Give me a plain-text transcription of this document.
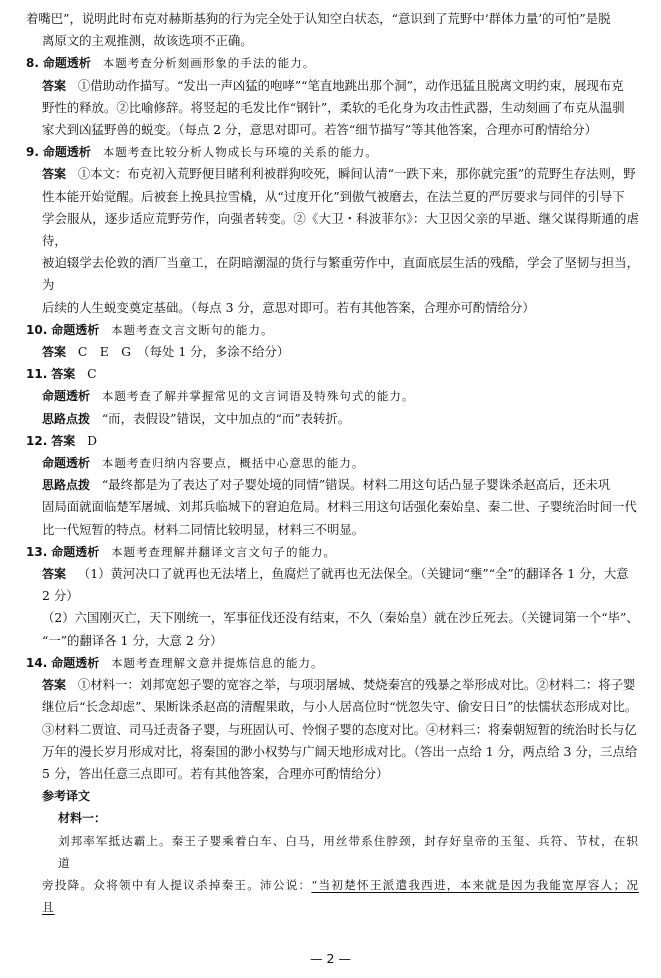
着嘴巴”，说明此时布克对赫斯基狗的行为完全处于认知空白状态，“意识到了荒野中‘群体力量’的可怕”是脱

离原文的主观推测，故该选项不正确。

8. 命题透析 本题考查分析刻画形象的手法的能力。

答案 ①借助动作描写。“发出一声凶猛的咆哮”“笔直地跳出那个洞”，动作迅猛且脱离文明约束，展现布克

野性的释放。②比喻修辞。将竖起的毛发比作“钢针”，柔软的毛化身为攻击性武器，生动刻画了布克从温驯

家犬到凶猛野兽的蜕变。（每点 2 分，意思对即可。若答“细节描写”等其他答案，合理亦可酌情给分）

9. 命题透析 本题考查比较分析人物成长与环境的关系的能力。

答案 ①本文：布克初入荒野便目睹利利被群狗咬死，瞬间认清“一跌下来，那你就完蛋”的荒野生存法则，野

性本能开始觉醒。后被套上挽具拉雪橇，从“过度开化”到傲气被磨去，在法兰夏的严厉要求与同伴的引导下

学会服从，逐步适应荒野劳作，向强者转变。②《大卫・科波菲尔》：大卫因父亲的早逝、继父谋得斯通的虐待，

被迫辍学去伦敦的酒厂当童工，在阴暗潮湿的货行与繁重劳作中，直面底层生活的残酷，学会了坚韧与担当，为

后续的人生蜕变奠定基础。（每点 3 分，意思对即可。若有其他答案，合理亦可酌情给分）

10. 命题透析 本题考查文言文断句的能力。

答案 C　E　G　（每处 1 分，多涂不给分）

11. 答案 C

命题透析 本题考查了解并掌握常见的文言词语及特殊句式的能力。

思路点拨 “而，表假设”错误，文中加点的“而”表转折。

12. 答案 D

命题透析 本题考查归纳内容要点，概括中心意思的能力。

思路点拨 “最终都是为了表达了对子婴处境的同情”错误。材料二用这句话凸显子婴诛杀赵高后，还未巩

固局面就面临楚军屠城、刘邦兵临城下的窘迫危局。材料三用这句话强化秦始皇、秦二世、子婴统治时间一代

比一代短暂的特点。材料二同情比较明显，材料三不明显。

13. 命题透析 本题考查理解并翻译文言文句子的能力。

答案 （1）黄河决口了就再也无法堵上，鱼腐烂了就再也无法保全。（关键词“壅”“全”的翻译各 1 分，大意

2 分）

（2）六国刚灭亡，天下刚统一，军事征伐还没有结束，不久（秦始皇）就在沙丘死去。（关键词第一个“毕”、

“一”的翻译各 1 分，大意 2 分）

14. 命题透析 本题考查理解文意并提炼信息的能力。

答案 ①材料一：刘邦宽恕子婴的宽容之举，与项羽屠城、焚烧秦宫的残暴之举形成对比。②材料二：将子婴

继位后“长念却虑”、果断诛杀赵高的清醒果敢，与小人居高位时“恍忽失守、偷安日日”的怯懦状态形成对比。

③材料二贾谊、司马迁责备子婴，与班固认可、怜悯子婴的态度对比。④材料三：将秦朝短暂的统治时长与亿

万年的漫长岁月形成对比，将秦国的渺小权势与广阔天地形成对比。（答出一点给 1 分，两点给 3 分，三点给

5 分，答出任意三点即可。若有其他答案，合理亦可酌情给分）

参考译文

材料一：

刘邦率军抵达霸上。秦王子婴乘着白车、白马，用丝带系住脖颈，封存好皇帝的玉玺、兵符、节杖，在轵道

旁投降。众将领中有人提议杀掉秦王。沛公说：“当初楚怀王派遣我西进，本来就是因为我能宽厚容人；况且

— 2 —
